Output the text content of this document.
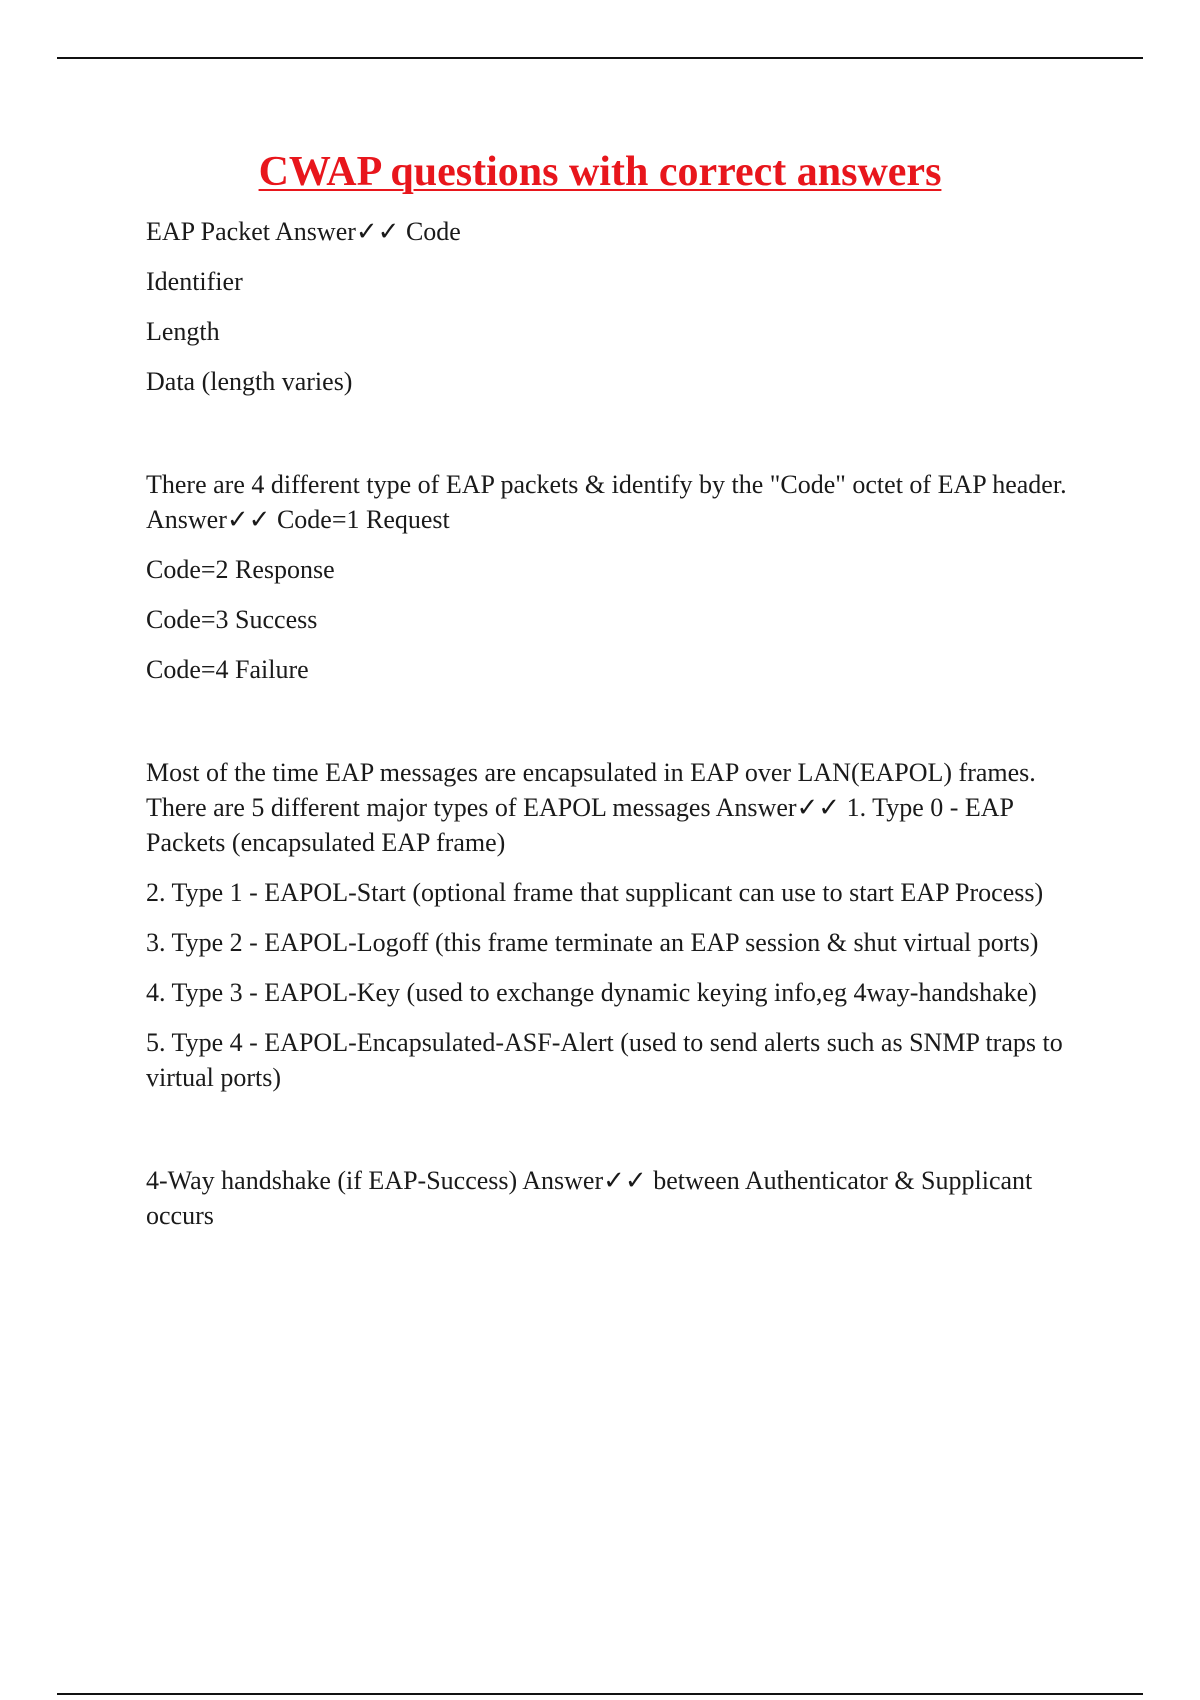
CWAP questions with correct answers

EAP Packet Answer✓✓ Code

Identifier

Length

Data (length varies)

There are 4 different type of EAP packets & identify by the "Code" octet of EAP header. Answer✓✓ Code=1 Request

Code=2 Response

Code=3 Success

Code=4 Failure

Most of the time EAP messages are encapsulated in EAP over LAN(EAPOL) frames. There are 5 different major types of EAPOL messages Answer✓✓ 1. Type 0 - EAP Packets (encapsulated EAP frame)

2. Type 1 - EAPOL-Start (optional frame that supplicant can use to start EAP Process)

3. Type 2 - EAPOL-Logoff (this frame terminate an EAP session & shut virtual ports)

4. Type 3 - EAPOL-Key (used to exchange dynamic keying info,eg 4way-handshake)

5. Type 4 - EAPOL-Encapsulated-ASF-Alert (used to send alerts such as SNMP traps to virtual ports)

4-Way handshake (if EAP-Success) Answer✓✓ between Authenticator & Supplicant occurs
